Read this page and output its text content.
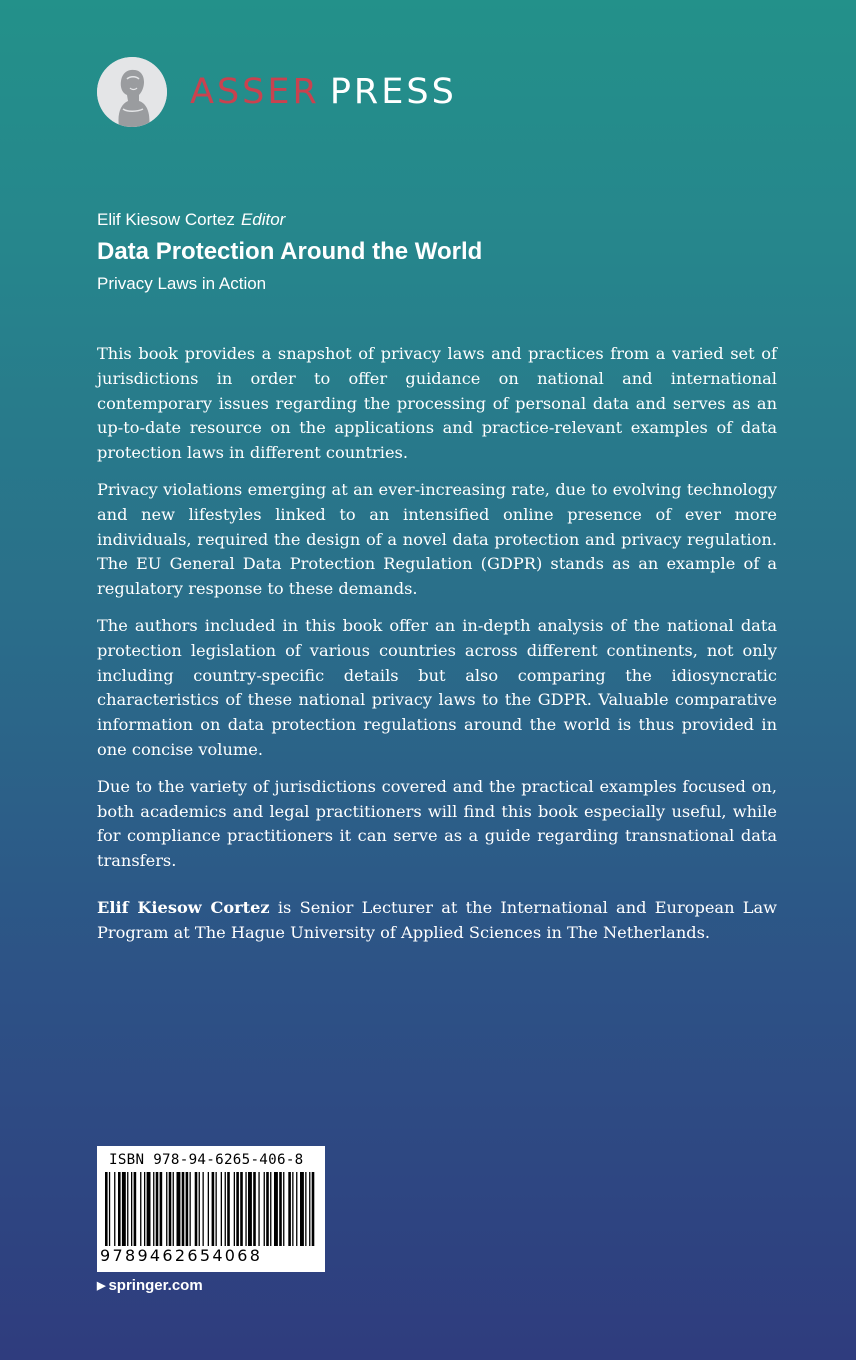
ASSER PRESS
Elif Kiesow Cortez Editor
Data Protection Around the World
Privacy Laws in Action

This book provides a snapshot of privacy laws and practices from a varied set of jurisdictions in order to offer guidance on national and international contemporary issues regarding the processing of personal data and serves as an up-to-date resource on the applications and practice-relevant examples of data protection laws in different countries.

Privacy violations emerging at an ever-increasing rate, due to evolving technology and new lifestyles linked to an intensified online presence of ever more individuals, required the design of a novel data protection and privacy regulation. The EU General Data Protection Regulation (GDPR) stands as an example of a regulatory response to these demands.

The authors included in this book offer an in-depth analysis of the national data protection legislation of various countries across different continents, not only including country-specific details but also comparing the idiosyncratic characteristics of these national privacy laws to the GDPR. Valuable comparative information on data protection regulations around the world is thus provided in one concise volume.

Due to the variety of jurisdictions covered and the practical examples focused on, both academics and legal practitioners will find this book especially useful, while for compliance practitioners it can serve as a guide regarding transnational data transfers.

Elif Kiesow Cortez is Senior Lecturer at the International and European Law Program at The Hague University of Applied Sciences in The Netherlands.

ISBN 978-94-6265-406-8
9789462654068
▶ springer.com
